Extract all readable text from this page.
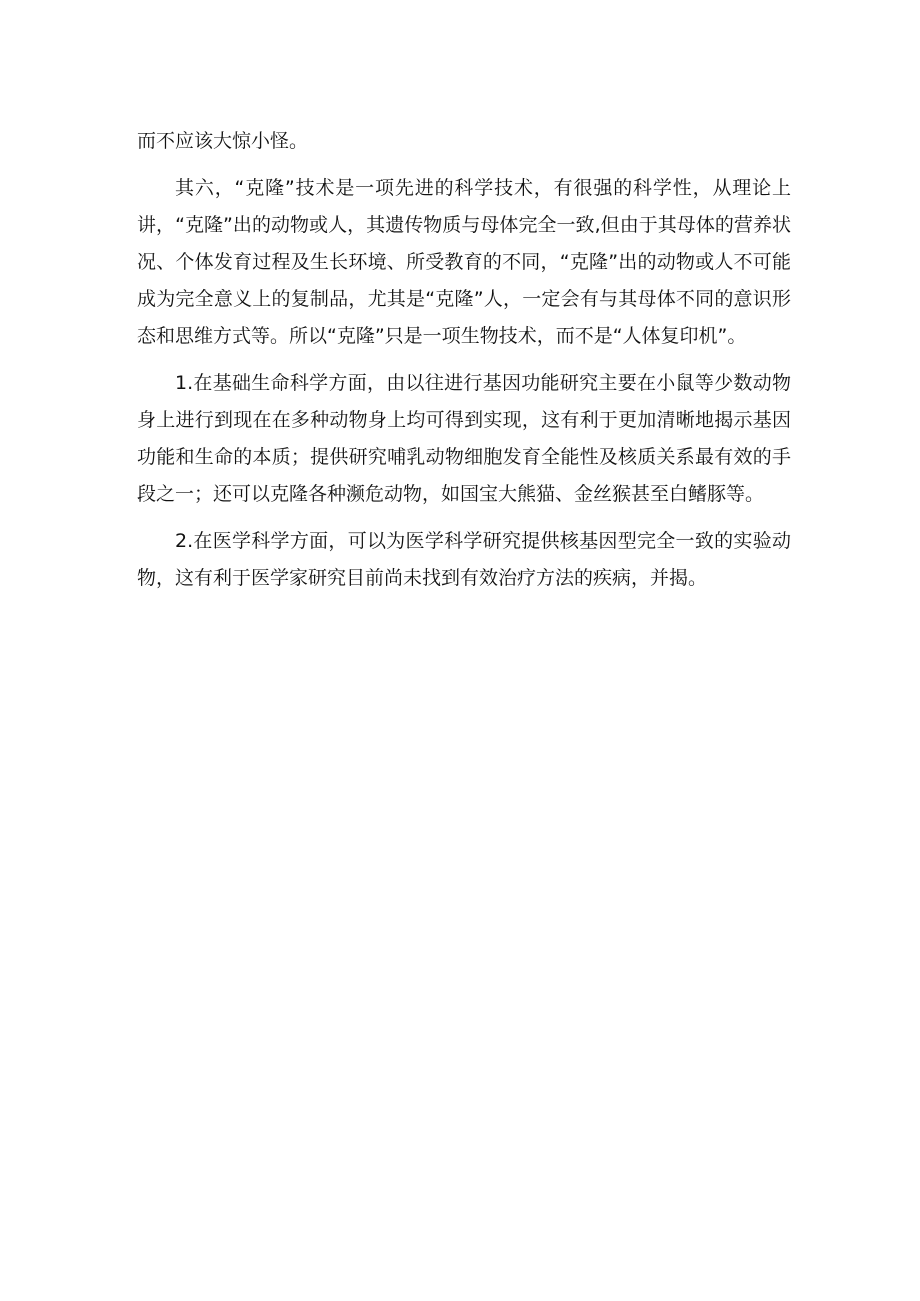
而不应该大惊小怪。

其六，“克隆”技术是一项先进的科学技术，有很强的科学性，从理论上讲，“克隆”出的动物或人，其遗传物质与母体完全一致,但由于其母体的营养状况、个体发育过程及生长环境、所受教育的不同，“克隆”出的动物或人不可能成为完全意义上的复制品，尤其是“克隆”人，一定会有与其母体不同的意识形态和思维方式等。所以“克隆”只是一项生物技术，而不是“人体复印机”。

1.在基础生命科学方面，由以往进行基因功能研究主要在小鼠等少数动物身上进行到现在在多种动物身上均可得到实现，这有利于更加清晰地揭示基因功能和生命的本质；提供研究哺乳动物细胞发育全能性及核质关系最有效的手段之一；还可以克隆各种濒危动物，如国宝大熊猫、金丝猴甚至白鳍豚等。

2.在医学科学方面，可以为医学科学研究提供核基因型完全一致的实验动物，这有利于医学家研究目前尚未找到有效治疗方法的疾病，并揭。
